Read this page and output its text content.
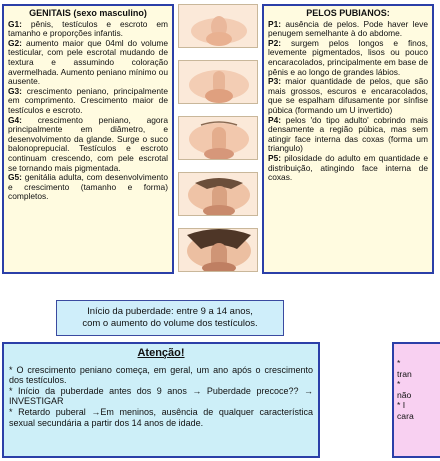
GENITAIS (sexo masculino)

G1: pênis, testículos e escroto em tamanho e proporções infantis.

G2: aumento maior que 04ml do volume testicular, com pele escrotal mudando de textura e assumindo coloração avermelhada. Aumento peniano mínimo ou ausente.

G3: crescimento peniano, principalmente em comprimento. Crescimento maior de testículos e escroto.

G4: crescimento peniano, agora principalmente em diâmetro, e desenvolvimento da glande. Surge o suco balonoprepucial. Testículos e escroto continuam crescendo, com pele escrotal se tornando mais pigmentada.

G5: genitália adulta, com desenvolvimento e crescimento (tamanho e forma) completos.

PELOS PUBIANOS:

P1: ausência de pelos. Pode haver leve penugem semelhante à do abdome.

P2: surgem pelos longos e finos, levemente pigmentados, lisos ou pouco encaracolados, principalmente em base de pênis e ao longo de grandes lábios.

P3: maior quantidade de pelos, que são mais grossos, escuros e encaracolados, que se espalham difusamente por sínfise púbica (formando um U invertido)

P4: pelos 'do tipo adulto' cobrindo mais densamente a região púbica, mas sem atingir face interna das coxas (forma um triangulo)

P5: pilosidade do adulto em quantidade e distribuição, atingindo face interna de coxas.

Início da puberdade: entre 9 a 14 anos,
com o aumento do volume dos testículos.
Atenção!

* O crescimento peniano começa, em geral, um ano após o crescimento dos testículos.

* Início da puberdade antes dos 9 anos → Puberdade precoce?? → INVESTIGAR

* Retardo puberal →Em meninos, ausência de qualquer característica sexual secundária a partir dos 14 anos de idade.

*
tran
*
não
* I
cara
